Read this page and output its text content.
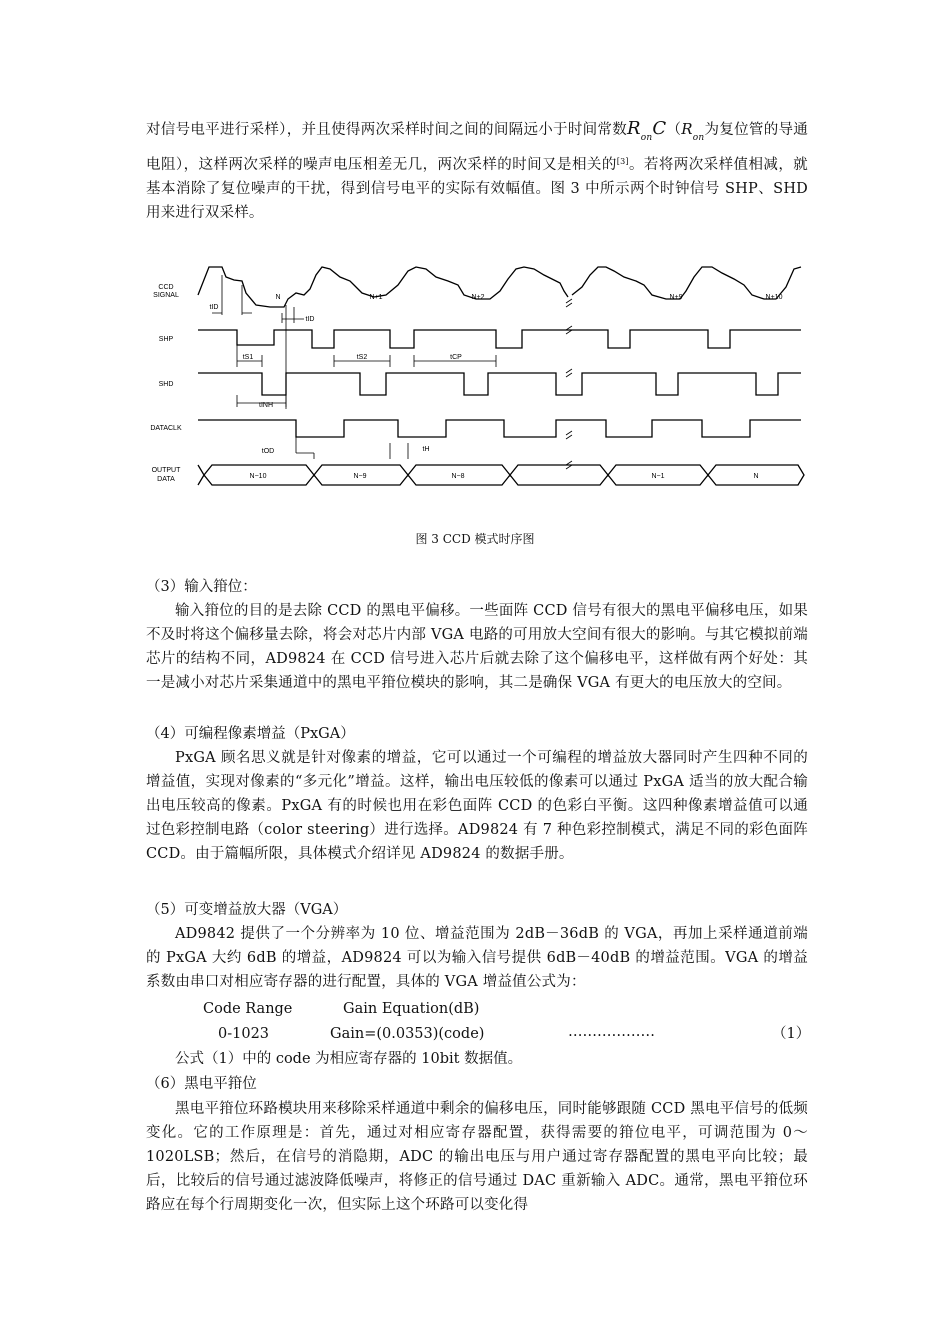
对信号电平进行采样），并且使得两次采样时间之间的间隔远小于时间常数$R_{on}C(R_{on}$为复位管的导通电阻），这样两次采样的噪声电压相差无几，两次采样的时间又是相关的[3]。若将两次采样值相减，就基本消除了复位噪声的干扰，得到信号电平的实际有效幅值。图 3 中所示两个时钟信号 SHP、SHD 用来进行双采样。
CCD
SIGNAL
SHP
SHD
DATACLK
OUTPUT
DATA
N	N+1	N+2	N+9	N+10
tID
tID
tS1	tS2	tCP
tINH
tOD	tH
N−10	N−9	N−8	N−1	N
图 3 CCD 模式时序图
（3）输入箝位：
输入箝位的目的是去除 CCD 的黑电平偏移。一些面阵 CCD 信号有很大的黑电平偏移电压，如果不及时将这个偏移量去除，将会对芯片内部 VGA 电路的可用放大空间有很大的影响。与其它模拟前端芯片的结构不同，AD9824 在 CCD 信号进入芯片后就去除了这个偏移电平，这样做有两个好处：其一是减小对芯片采集通道中的黑电平箝位模块的影响，其二是确保 VGA 有更大的电压放大的空间。
（4）可编程像素增益（PxGA）
PxGA 顾名思义就是针对像素的增益，它可以通过一个可编程的增益放大器同时产生四种不同的增益值，实现对像素的“多元化”增益。这样，输出电压较低的像素可以通过 PxGA 适当的放大配合输出电压较高的像素。PxGA 有的时候也用在彩色面阵 CCD 的色彩白平衡。这四种像素增益值可以通过色彩控制电路（color steering）进行选择。AD9824 有 7 种色彩控制模式，满足不同的彩色面阵 CCD。由于篇幅所限，具体模式介绍详见 AD9824 的数据手册。
（5）可变增益放大器（VGA）
AD9842 提供了一个分辨率为 10 位、增益范围为 2dB－36dB 的 VGA，再加上采样通道前端的 PxGA 大约 6dB 的增益，AD9824 可以为输入信号提供 6dB－40dB 的增益范围。VGA 的增益系数由串口对相应寄存器的进行配置，具体的 VGA 增益值公式为：
Code Range	Gain Equation(dB)
0-1023	Gain=(0.0353)(code)	………………	（1）
公式（1）中的 code 为相应寄存器的 10bit 数据值。
（6）黑电平箝位
黑电平箝位环路模块用来移除采样通道中剩余的偏移电压，同时能够跟随 CCD 黑电平信号的低频变化。它的工作原理是：首先，通过对相应寄存器配置，获得需要的箝位电平，可调范围为 0～1020LSB；然后，在信号的消隐期，ADC 的输出电压与用户通过寄存器配置的黑电平向比较；最后，比较后的信号通过滤波降低噪声，将修正的信号通过 DAC 重新输入 ADC。通常，黑电平箝位环路应在每个行周期变化一次，但实际上这个环路可以变化得
